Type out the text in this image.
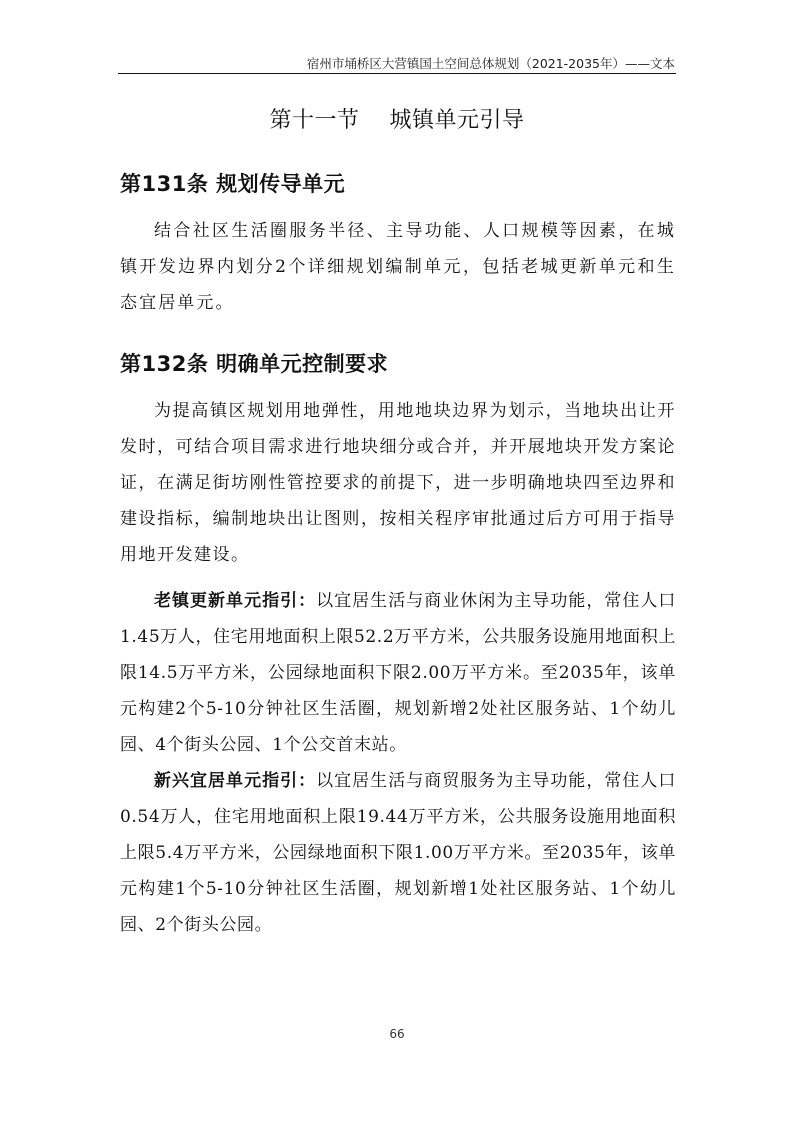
宿州市埇桥区大营镇国土空间总体规划（2021-2035年）——文本
第十一节    城镇单元引导
第131条 规划传导单元

结合社区生活圈服务半径、主导功能、人口规模等因素，在城镇开发边界内划分2个详细规划编制单元，包括老城更新单元和生态宜居单元。

第132条 明确单元控制要求

为提高镇区规划用地弹性，用地地块边界为划示，当地块出让开发时，可结合项目需求进行地块细分或合并，并开展地块开发方案论证，在满足街坊刚性管控要求的前提下，进一步明确地块四至边界和建设指标，编制地块出让图则，按相关程序审批通过后方可用于指导用地开发建设。

老镇更新单元指引：以宜居生活与商业休闲为主导功能，常住人口1.45万人，住宅用地面积上限52.2万平方米，公共服务设施用地面积上限14.5万平方米，公园绿地面积下限2.00万平方米。至2035年，该单元构建2个5-10分钟社区生活圈，规划新增2处社区服务站、1个幼儿园、4个街头公园、1个公交首末站。

新兴宜居单元指引：以宜居生活与商贸服务为主导功能，常住人口0.54万人，住宅用地面积上限19.44万平方米，公共服务设施用地面积上限5.4万平方米，公园绿地面积下限1.00万平方米。至2035年，该单元构建1个5-10分钟社区生活圈，规划新增1处社区服务站、1个幼儿园、2个街头公园。

66
